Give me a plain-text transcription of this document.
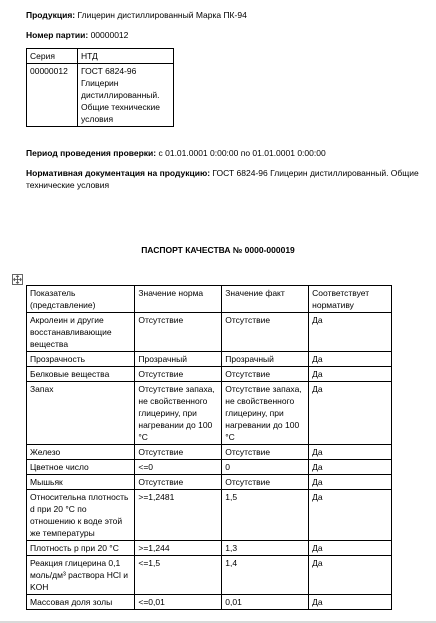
Продукция: Глицерин дистиллированный Марка ПК-94
Номер партии: 00000012
Серия	НТД
00000012	ГОСТ 6824-96 Глицерин дистиллированный. Общие технические условия
Период проведения проверки: с 01.01.0001 0:00:00 по 01.01.0001 0:00:00
Нормативная документация на продукцию: ГОСТ 6824-96 Глицерин дистиллированный. Общие
технические условия
ПАСПОРТ КАЧЕСТВА № 0000-000019
Показатель (представление)	Значение норма	Значение факт	Соответствует нормативу
Акролеин и другие восстанавливающие вещества	Отсутствие	Отсутствие	Да
Прозрачность	Прозрачный	Прозрачный	Да
Белковые вещества	Отсутствие	Отсутствие	Да
Запах	Отсутствие запаха, не свойственного глицерину, при нагревании до 100 °С	Отсутствие запаха, не свойственного глицерину, при нагревании до 100 °С	Да
Железо	Отсутствие	Отсутствие	Да
Цветное число	<=0	0	Да
Мышьяк	Отсутствие	Отсутствие	Да
Относительна плотность d при 20 °С по отношению к воде этой же температуры	>=1,2481	1,5	Да
Плотность р при 20 °С	>=1,244	1,3	Да
Реакция глицерина 0,1 моль/дм³ раствора HCl и KOH	<=1,5	1,4	Да
Массовая доля золы	<=0,01	0,01	Да
